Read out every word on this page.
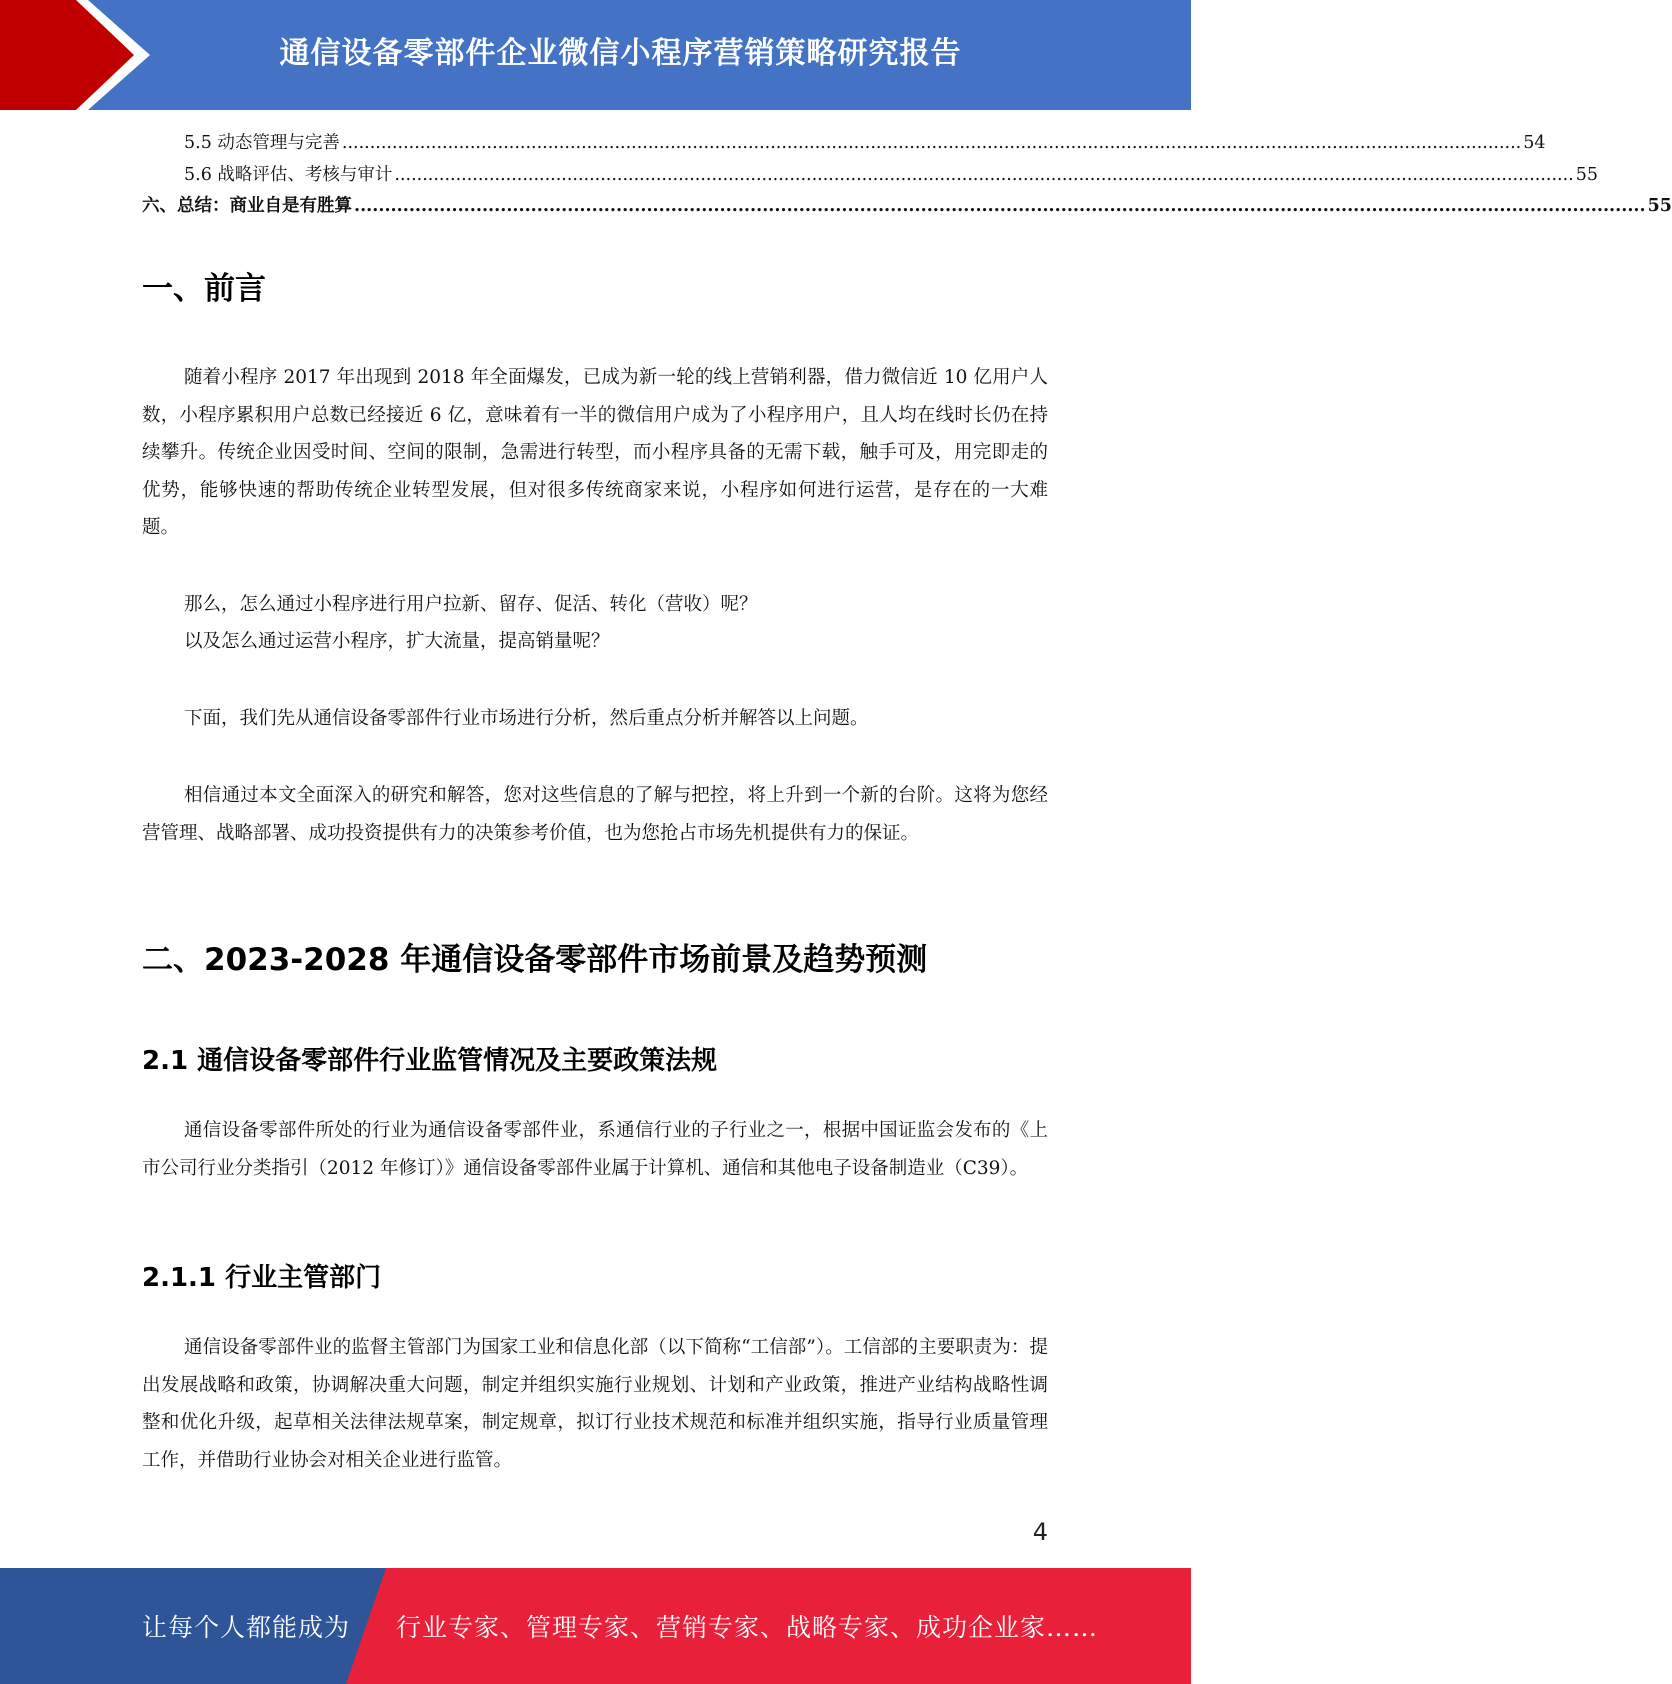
通信设备零部件企业微信小程序营销策略研究报告
5.5 动态管理与完善 .................................................................................................................................................................................................................... 54
5.6 战略评估、考核与审计 .................................................................................................................................................................................................................... 55
六、总结：商业自是有胜算 .................................................................................................................................................................................................................... 55
一、前言

随着小程序 2017 年出现到 2018 年全面爆发，已成为新一轮的线上营销利器，借力微信近 10 亿用户人数，小程序累积用户总数已经接近 6 亿，意味着有一半的微信用户成为了小程序用户，且人均在线时长仍在持续攀升。传统企业因受时间、空间的限制，急需进行转型，而小程序具备的无需下载，触手可及，用完即走的优势，能够快速的帮助传统企业转型发展，但对很多传统商家来说，小程序如何进行运营，是存在的一大难题。

那么，怎么通过小程序进行用户拉新、留存、促活、转化（营收）呢？

以及怎么通过运营小程序，扩大流量，提高销量呢？

下面，我们先从通信设备零部件行业市场进行分析，然后重点分析并解答以上问题。

相信通过本文全面深入的研究和解答，您对这些信息的了解与把控，将上升到一个新的台阶。这将为您经营管理、战略部署、成功投资提供有力的决策参考价值，也为您抢占市场先机提供有力的保证。

二、2023-2028 年通信设备零部件市场前景及趋势预测
2.1 通信设备零部件行业监管情况及主要政策法规

通信设备零部件所处的行业为通信设备零部件业，系通信行业的子行业之一，根据中国证监会发布的《上市公司行业分类指引（2012 年修订）》通信设备零部件业属于计算机、通信和其他电子设备制造业（C39）。

2.1.1 行业主管部门

通信设备零部件业的监督主管部门为国家工业和信息化部（以下简称“工信部”）。工信部的主要职责为：提出发展战略和政策，协调解决重大问题，制定并组织实施行业规划、计划和产业政策，推进产业结构战略性调整和优化升级，起草相关法律法规草案，制定规章，拟订行业技术规范和标准并组织实施，指导行业质量管理工作，并借助行业协会对相关企业进行监管。

4
让每个人都能成为 行业专家、管理专家、营销专家、战略专家、成功企业家……
